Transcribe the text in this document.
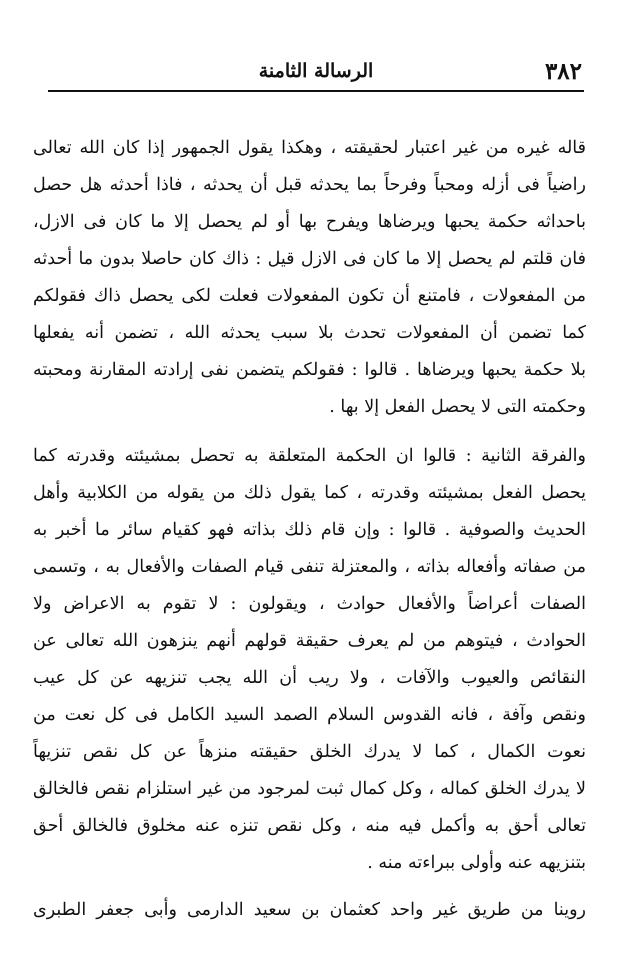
٣٨٢
الرسالة الثامنة
قاله غيره من غير اعتبار لحقيقته ، وهكذا يقول الجمهور إذا كان الله تعالى
راضياً فى أزله ومحباً وفرحاً بما يحدثه قبل أن يحدثه ، فاذا أحدثه هل حصل
باحداثه حكمة يحبها ويرضاها ويفرح بها أو لم يحصل إلا ما كان فى الازل،
فان قلتم لم يحصل إلا ما كان فى الازل قيل : ذاك كان حاصلا بدون ما أحدثه
من المفعولات ، فامتنع أن تكون المفعولات فعلت لكى يحصل ذاك فقولكم
كما تضمن أن المفعولات تحدث بلا سبب يحدثه الله ، تضمن أنه يفعلها
بلا حكمة يحبها ويرضاها . قالوا : فقولكم يتضمن نفى إرادته المقارنة ومحبته
وحكمته التى لا يحصل الفعل إلا بها .
والفرقة الثانية : قالوا ان الحكمة المتعلقة به تحصل بمشيئته وقدرته كما
يحصل الفعل بمشيئته وقدرته ، كما يقول ذلك من يقوله من الكلابية وأهل
الحديث والصوفية . قالوا : وإن قام ذلك بذاته فهو كقيام سائر ما أخبر به
من صفاته وأفعاله بذاته ، والمعتزلة تنفى قيام الصفات والأفعال به ، وتسمى
الصفات أعراضاً والأفعال حوادث ، ويقولون : لا تقوم به الاعراض ولا
الحوادث ، فيتوهم من لم يعرف حقيقة قولهم أنهم ينزهون الله تعالى عن
النقائص والعيوب والآفات ، ولا ريب أن الله يجب تنزيهه عن كل عيب
ونقص وآفة ، فانه القدوس السلام الصمد السيد الكامل فى كل نعت من
نعوت الكمال ، كما لا يدرك الخلق حقيقته منزهاً عن كل نقص تنزيهاً
لا يدرك الخلق كماله ، وكل كمال ثبت لمرجود من غير استلزام نقص فالخالق
تعالى أحق به وأكمل فيه منه ، وكل نقص تنزه عنه مخلوق فالخالق أحق
بتنزيهه عنه وأولى ببراءته منه .
روينا من طريق غير واحد كعثمان بن سعيد الدارمى وأبى جعفر الطبرى
